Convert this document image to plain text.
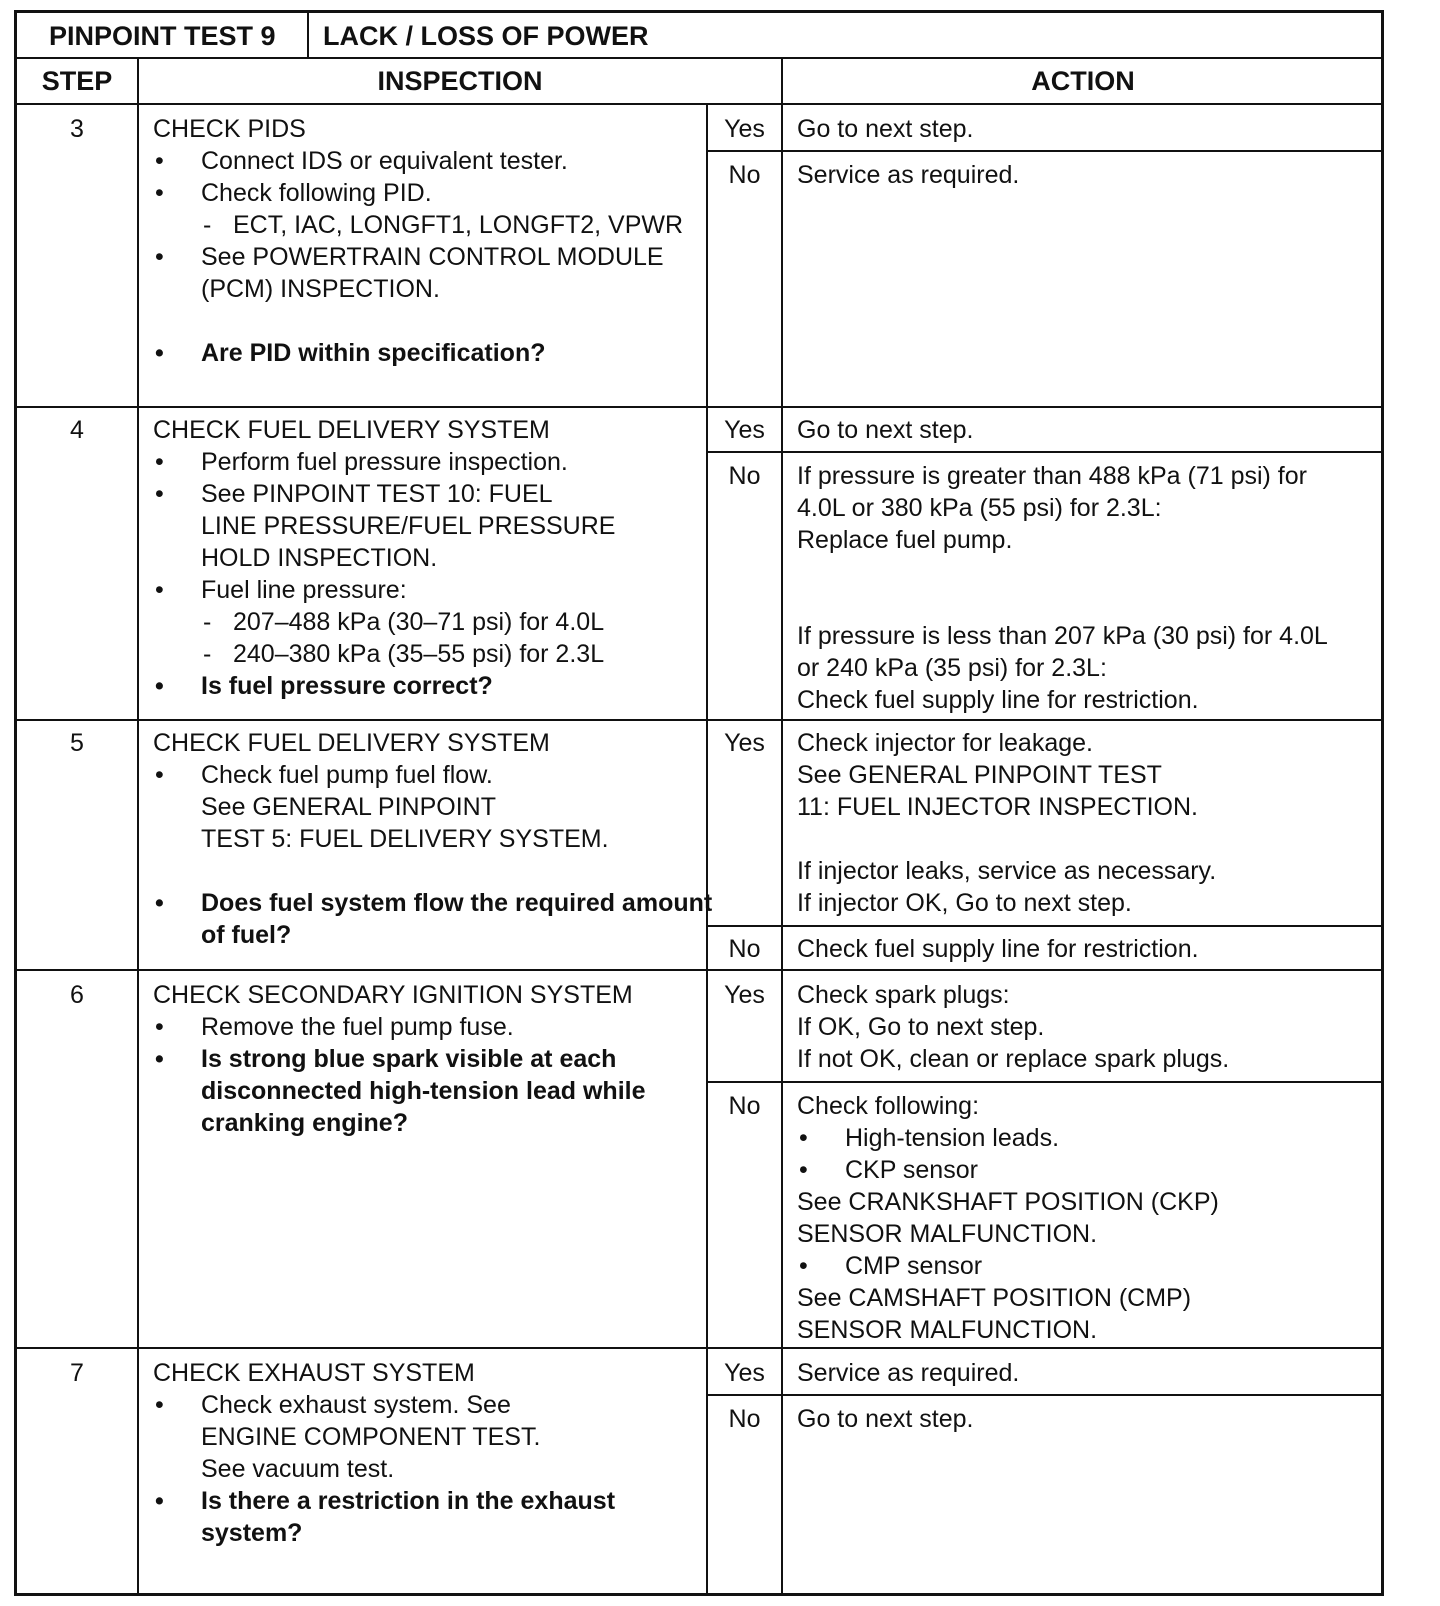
PINPOINT TEST 9 LACK / LOSS OF POWER
STEP	INSPECTION	ACTION
3	CHECK PIDS

• Connect IDS or equivalent tester.

• Check following PID.

- ECT, IAC, LONGFT1, LONGFT2, VPWR

• See POWERTRAIN CONTROL MODULE (PCM) INSPECTION.

• Are PID within specification?

Yes	Go to next step.

No	Service as required.

4	CHECK FUEL DELIVERY SYSTEM

• Perform fuel pressure inspection.

• See PINPOINT TEST 10: FUEL

LINE PRESSURE/FUEL PRESSURE

HOLD INSPECTION.

• Fuel line pressure:

- 207–488 kPa (30–71 psi) for 4.0L

- 240–380 kPa (35–55 psi) for 2.3L

• Is fuel pressure correct?

Yes	Go to next step.

No	If pressure is greater than 488 kPa (71 psi) for

4.0L or 380 kPa (55 psi) for 2.3L:

Replace fuel pump.

If pressure is less than 207 kPa (30 psi) for 4.0L

or 240 kPa (35 psi) for 2.3L:

Check fuel supply line for restriction.

5	CHECK FUEL DELIVERY SYSTEM

• Check fuel pump fuel flow.

See GENERAL PINPOINT

TEST 5: FUEL DELIVERY SYSTEM.

• Does fuel system flow the required amount of fuel?

Yes	Check injector for leakage.

See GENERAL PINPOINT TEST

11: FUEL INJECTOR INSPECTION.

If injector leaks, service as necessary.

If injector OK, Go to next step.

No	Check fuel supply line for restriction.

6	CHECK SECONDARY IGNITION SYSTEM

• Remove the fuel pump fuse.

• Is strong blue spark visible at each disconnected high-tension lead while cranking engine?

Yes	Check spark plugs:

If OK, Go to next step.

If not OK, clean or replace spark plugs.

No	Check following:

• High-tension leads.

• CKP sensor

See CRANKSHAFT POSITION (CKP)

SENSOR MALFUNCTION.

• CMP sensor

See CAMSHAFT POSITION (CMP)

SENSOR MALFUNCTION.

7	CHECK EXHAUST SYSTEM

• Check exhaust system. See

ENGINE COMPONENT TEST.

See vacuum test.

• Is there a restriction in the exhaust system?

Yes	Service as required.

No	Go to next step.
